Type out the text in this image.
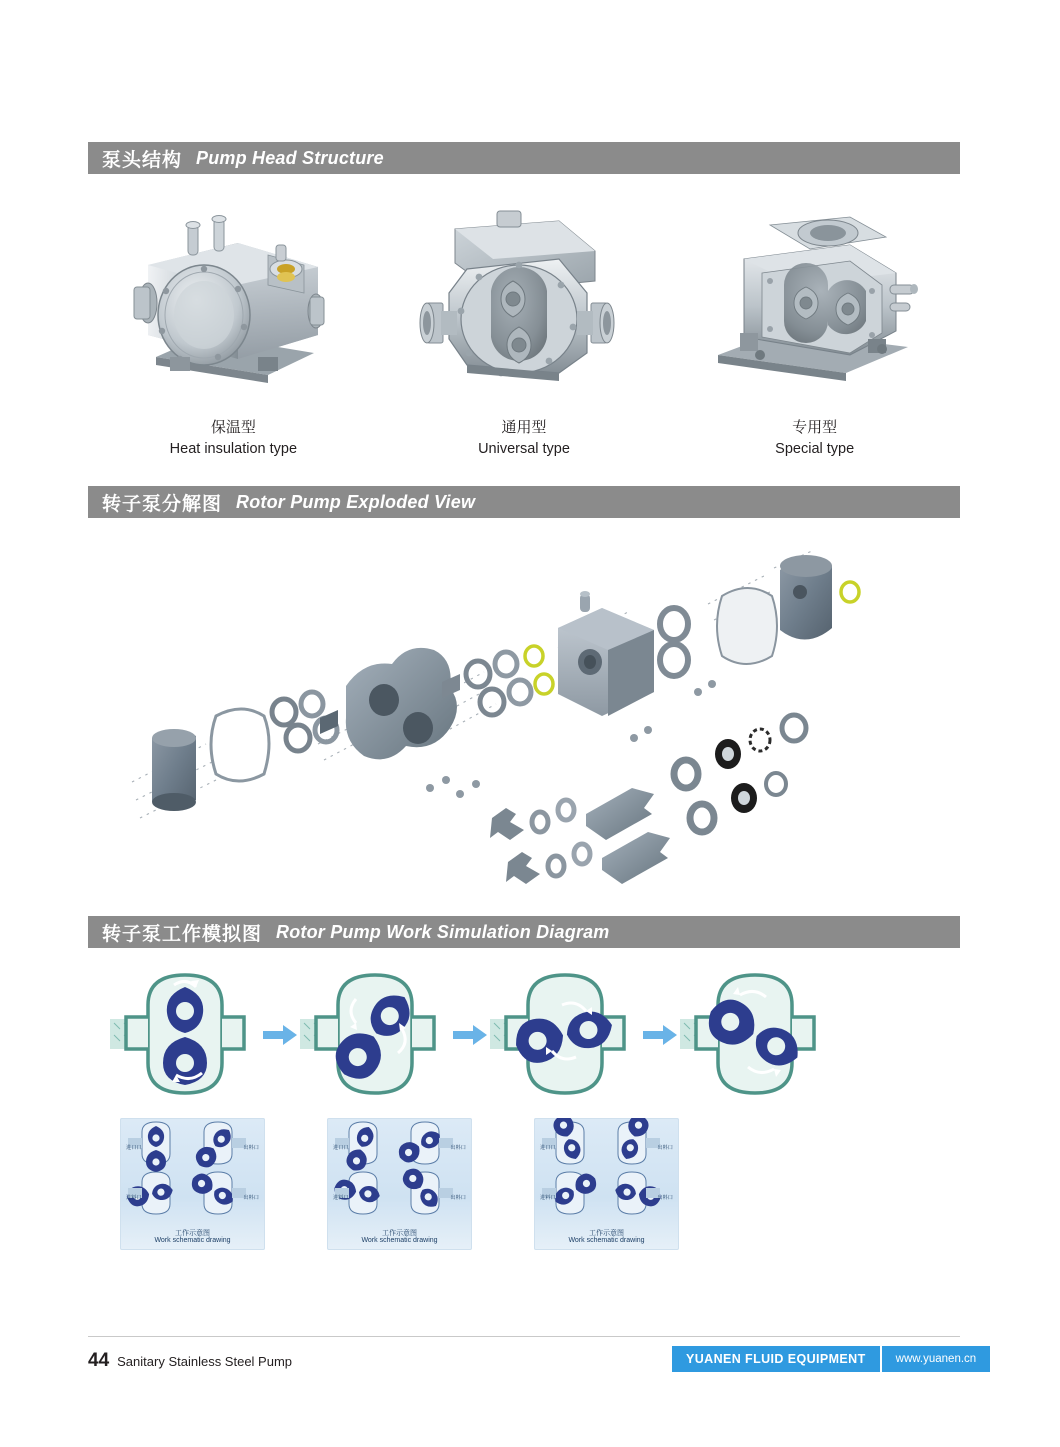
泵头结构 Pump Head Structure
保温型
Heat insulation type
通用型
Universal type
专用型
Special type
转子泵分解图 Rotor Pump Exploded View
转子泵工作模拟图 Rotor Pump Work Simulation Diagram
进口口	出料口
进料口	出料口
工作示意图
Work schematic drawing
进口口	出料口
进料口	出料口
工作示意图
Work schematic drawing
进口口	出料口
进料口	出料口
工作示意图
Work schematic drawing
44 Sanitary Stainless Steel Pump	YUANEN FLUID EQUIPMENT	www.yuanen.cn
